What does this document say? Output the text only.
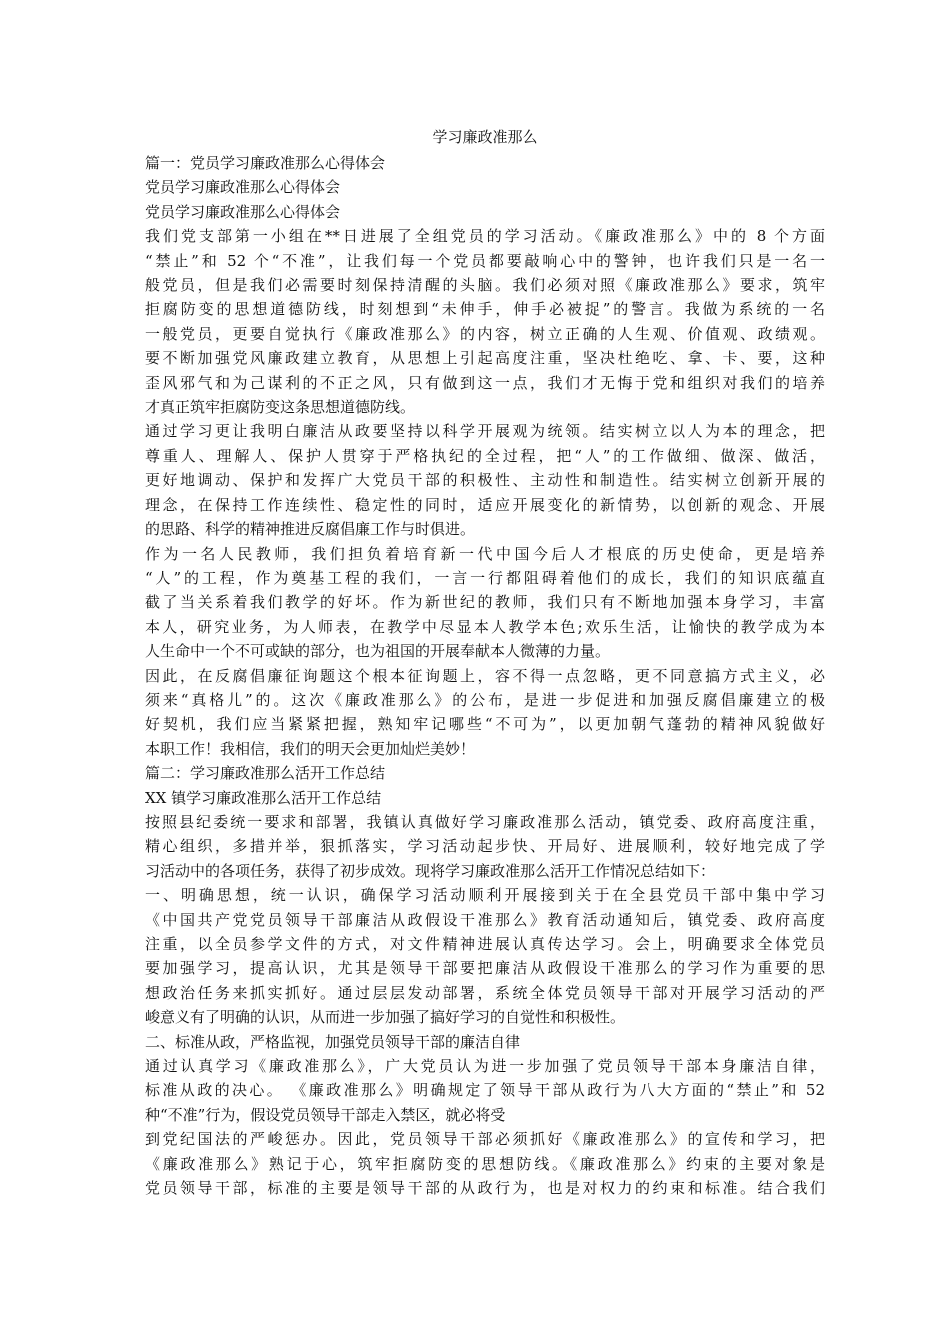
学习廉政准那么
篇一：党员学习廉政准那么心得体会
党员学习廉政准那么心得体会
党员学习廉政准那么心得体会
我们党支部第一小组在**日进展了全组党员的学习活动。《廉政准那么》中的 8 个方面
“禁止”和 52 个“不准”，让我们每一个党员都要敲响心中的警钟，也许我们只是一名一
般党员，但是我们必需要时刻保持清醒的头脑。我们必须对照《廉政准那么》要求，筑牢
拒腐防变的思想道德防线，时刻想到“未伸手，伸手必被捉”的警言。我做为系统的一名
一般党员，更要自觉执行《廉政准那么》的内容，树立正确的人生观、价值观、政绩观。
要不断加强党风廉政建立教育，从思想上引起高度注重，坚决杜绝吃、拿、卡、要，这种
歪风邪气和为己谋利的不正之风，只有做到这一点，我们才无悔于党和组织对我们的培养
才真正筑牢拒腐防变这条思想道德防线。
通过学习更让我明白廉洁从政要坚持以科学开展观为统领。结实树立以人为本的理念，把
尊重人、理解人、保护人贯穿于严格执纪的全过程，把“人”的工作做细、做深、做活，
更好地调动、保护和发挥广大党员干部的积极性、主动性和制造性。结实树立创新开展的
理念，在保持工作连续性、稳定性的同时，适应开展变化的新情势，以创新的观念、开展
的思路、科学的精神推进反腐倡廉工作与时俱进。
作为一名人民教师，我们担负着培育新一代中国今后人才根底的历史使命，更是培养
“人”的工程，作为奠基工程的我们，一言一行都阻碍着他们的成长，我们的知识底蕴直
截了当关系着我们教学的好坏。作为新世纪的教师，我们只有不断地加强本身学习，丰富
本人，研究业务，为人师表，在教学中尽显本人教学本色;欢乐生活，让愉快的教学成为本
人生命中一个不可或缺的部分，也为祖国的开展奉献本人微薄的力量。
因此，在反腐倡廉征询题这个根本征询题上，容不得一点忽略，更不同意搞方式主义，必
须来“真格儿”的。这次《廉政准那么》的公布，是进一步促进和加强反腐倡廉建立的极
好契机，我们应当紧紧把握，熟知牢记哪些“不可为”，以更加朝气蓬勃的精神风貌做好
本职工作！我相信，我们的明天会更加灿烂美妙！
篇二：学习廉政准那么活开工作总结
XX 镇学习廉政准那么活开工作总结
按照县纪委统一要求和部署，我镇认真做好学习廉政准那么活动，镇党委、政府高度注重，
精心组织，多措并举，狠抓落实，学习活动起步快、开局好、进展顺利，较好地完成了学
习活动中的各项任务，获得了初步成效。现将学习廉政准那么活开工作情况总结如下：
一、明确思想，统一认识，确保学习活动顺利开展接到关于在全县党员干部中集中学习
《中国共产党党员领导干部廉洁从政假设干准那么》教育活动通知后，镇党委、政府高度
注重，以全员参学文件的方式，对文件精神进展认真传达学习。会上，明确要求全体党员
要加强学习，提高认识，尤其是领导干部要把廉洁从政假设干准那么的学习作为重要的思
想政治任务来抓实抓好。通过层层发动部署，系统全体党员领导干部对开展学习活动的严
峻意义有了明确的认识，从而进一步加强了搞好学习的自觉性和积极性。
二、标准从政，严格监视，加强党员领导干部的廉洁自律
通过认真学习《廉政准那么》，广大党员认为进一步加强了党员领导干部本身廉洁自律，
标准从政的决心。 《廉政准那么》明确规定了领导干部从政行为八大方面的“禁止”和 52
种“不准”行为，假设党员领导干部走入禁区，就必将受
到党纪国法的严峻惩办。因此，党员领导干部必须抓好《廉政准那么》的宣传和学习，把
《廉政准那么》熟记于心，筑牢拒腐防变的思想防线。《廉政准那么》约束的主要对象是
党员领导干部，标准的主要是领导干部的从政行为，也是对权力的约束和标准。结合我们
